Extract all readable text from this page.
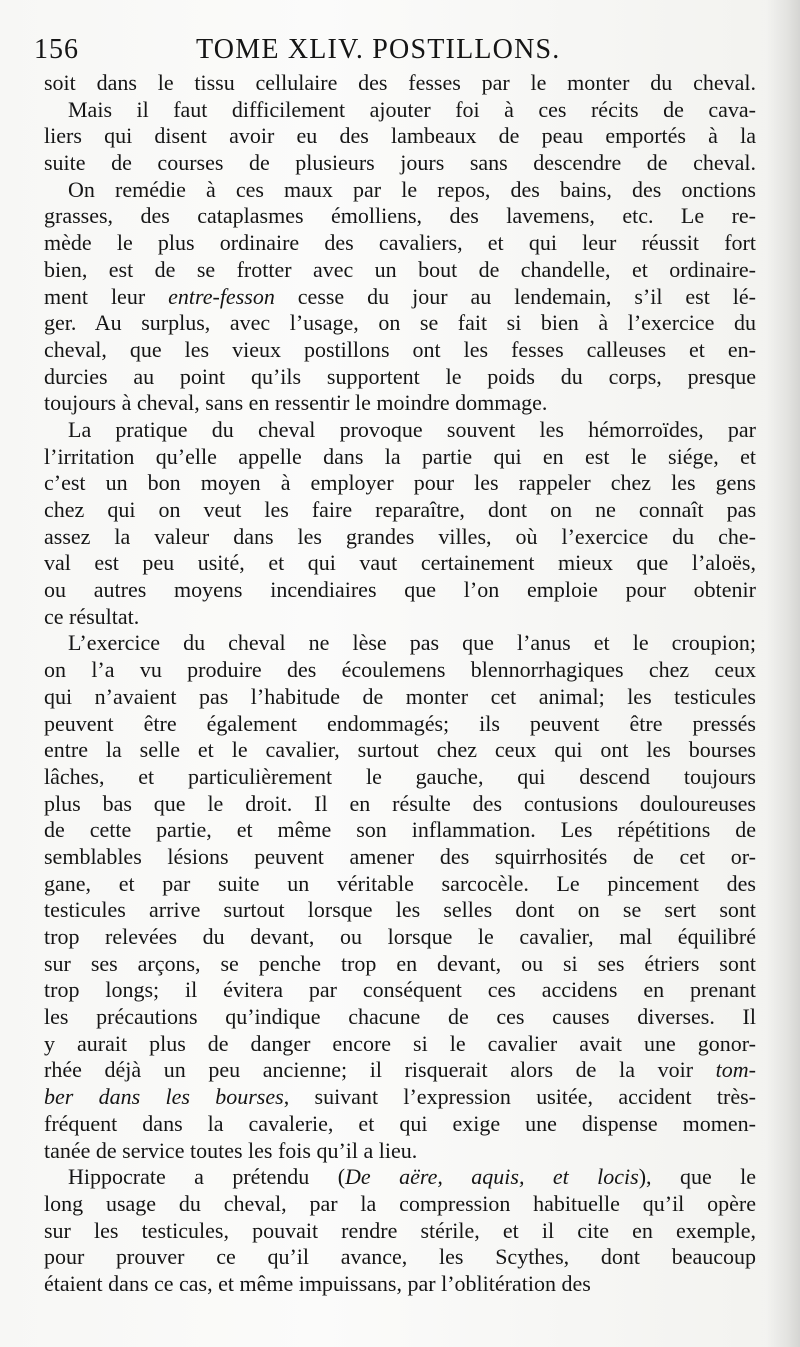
156	TOME XLIV. POSTILLONS.
soit dans le tissu cellulaire des fesses par le monter du cheval.
Mais il faut difficilement ajouter foi à ces récits de cava-
liers qui disent avoir eu des lambeaux de peau emportés à la
suite de courses de plusieurs jours sans descendre de cheval.
On remédie à ces maux par le repos, des bains, des onctions
grasses, des cataplasmes émolliens, des lavemens, etc. Le re-
mède le plus ordinaire des cavaliers, et qui leur réussit fort
bien, est de se frotter avec un bout de chandelle, et ordinaire-
ment leur entre-fesson cesse du jour au lendemain, s’il est lé-
ger. Au surplus, avec l’usage, on se fait si bien à l’exercice du
cheval, que les vieux postillons ont les fesses calleuses et en-
durcies au point qu’ils supportent le poids du corps, presque
toujours à cheval, sans en ressentir le moindre dommage.
La pratique du cheval provoque souvent les hémorroïdes, par
l’irritation qu’elle appelle dans la partie qui en est le siége, et
c’est un bon moyen à employer pour les rappeler chez les gens
chez qui on veut les faire reparaître, dont on ne connaît pas
assez la valeur dans les grandes villes, où l’exercice du che-
val est peu usité, et qui vaut certainement mieux que l’aloës,
ou autres moyens incendiaires que l’on emploie pour obtenir
ce résultat.
L’exercice du cheval ne lèse pas que l’anus et le croupion;
on l’a vu produire des écoulemens blennorrhagiques chez ceux
qui n’avaient pas l’habitude de monter cet animal; les testicules
peuvent être également endommagés; ils peuvent être pressés
entre la selle et le cavalier, surtout chez ceux qui ont les bourses
lâches, et particulièrement le gauche, qui descend toujours
plus bas que le droit. Il en résulte des contusions douloureuses
de cette partie, et même son inflammation. Les répétitions de
semblables lésions peuvent amener des squirrhosités de cet or-
gane, et par suite un véritable sarcocèle. Le pincement des
testicules arrive surtout lorsque les selles dont on se sert sont
trop relevées du devant, ou lorsque le cavalier, mal équilibré
sur ses arçons, se penche trop en devant, ou si ses étriers sont
trop longs; il évitera par conséquent ces accidens en prenant
les précautions qu’indique chacune de ces causes diverses. Il
y aurait plus de danger encore si le cavalier avait une gonor-
rhée déjà un peu ancienne; il risquerait alors de la voir tom-
ber dans les bourses, suivant l’expression usitée, accident très-
fréquent dans la cavalerie, et qui exige une dispense momen-
tanée de service toutes les fois qu’il a lieu.
Hippocrate a prétendu (De aëre, aquis, et locis), que le
long usage du cheval, par la compression habituelle qu’il opère
sur les testicules, pouvait rendre stérile, et il cite en exemple,
pour prouver ce qu’il avance, les Scythes, dont beaucoup
étaient dans ce cas, et même impuissans, par l’oblitération des
